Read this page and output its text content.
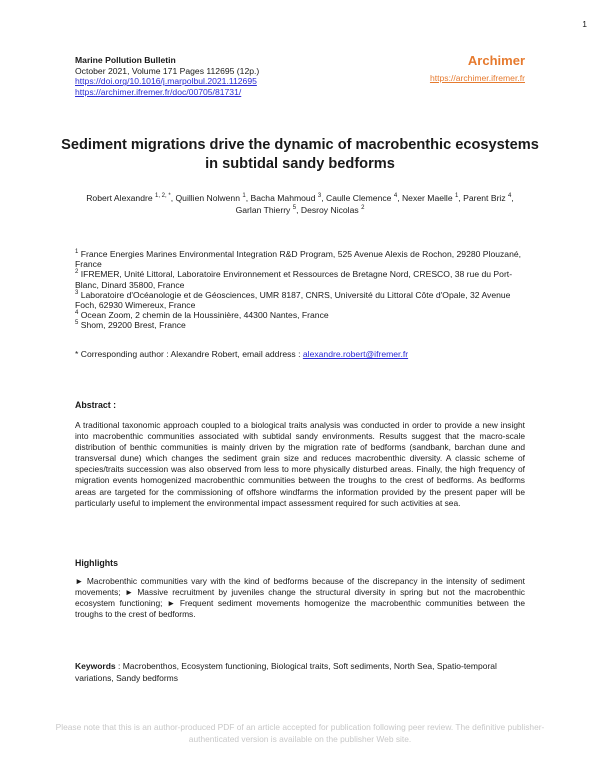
1
Marine Pollution Bulletin
October 2021, Volume 171 Pages 112695 (12p.)
https://doi.org/10.1016/j.marpolbul.2021.112695
https://archimer.ifremer.fr/doc/00705/81731/
Archimer
https://archimer.ifremer.fr
Sediment migrations drive the dynamic of macrobenthic ecosystems in subtidal sandy bedforms
Robert Alexandre $^{1, 2, *}$, Quillien Nolwenn $^1$, Bacha Mahmoud $^3$, Caulle Clemence $^4$, Nexer Maelle $^1$, Parent Briz $^4$, Garlan Thierry $^5$, Desroy Nicolas $^2$

$^1$ France Energies Marines Environmental Integration R&D Program, 525 Avenue Alexis de Rochon, 29280 Plouzané, France

$^2$ IFREMER, Unité Littoral, Laboratoire Environnement et Ressources de Bretagne Nord, CRESCO, 38 rue du Port-Blanc, Dinard 35800, France

$^3$ Laboratoire d'Océanologie et de Géosciences, UMR 8187, CNRS, Université du Littoral Côte d'Opale, 32 Avenue Foch, 62930 Wimereux, France

$^4$ Ocean Zoom, 2 chemin de la Houssinière, 44300 Nantes, France

$^5$ Shom, 29200 Brest, France

* Corresponding author : Alexandre Robert, email address : alexandre.robert@ifremer.fr
Abstract :

A traditional taxonomic approach coupled to a biological traits analysis was conducted in order to provide a new insight into macrobenthic communities associated with subtidal sandy environments. Results suggest that the macro-scale distribution of benthic communities is mainly driven by the migration rate of bedforms (sandbank, barchan dune and transversal dune) which changes the sediment grain size and reduces macrobenthic diversity. A classic scheme of species/traits succession was also observed from less to more physically disturbed areas. Finally, the high frequency of migration events homogenized macrobenthic communities between the troughs to the crest of bedforms. As bedforms areas are targeted for the commissioning of offshore windfarms the information provided by the present paper will be particularly useful to implement the environmental impact assessment required for such activities at sea.

Highlights

► Macrobenthic communities vary with the kind of bedforms because of the discrepancy in the intensity of sediment movements; ► Massive recruitment by juveniles change the structural diversity in spring but not the macrobenthic ecosystem functioning; ► Frequent sediment movements homogenize the macrobenthic communities between the troughs to the crest of bedforms.

Keywords : Macrobenthos, Ecosystem functioning, Biological traits, Soft sediments, North Sea, Spatio-temporal variations, Sandy bedforms

Please note that this is an author-produced PDF of an article accepted for publication following peer review. The definitive publisher-authenticated version is available on the publisher Web site.
